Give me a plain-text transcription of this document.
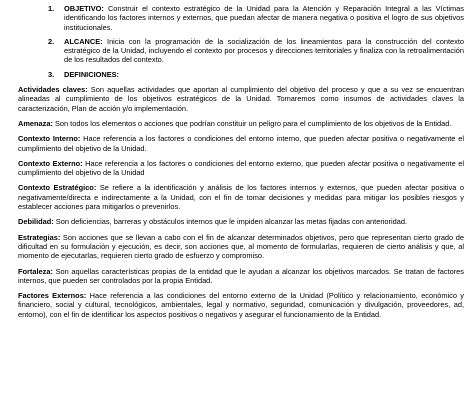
1. OBJETIVO: Construir el contexto estratégico de la Unidad para la Atención y Reparación Integral a las Víctimas identificando los factores internos y externos, que puedan afectar de manera negativa o positiva el logro de sus objetivos institucionales.
2. ALCANCE: Inicia con la programación de la socialización de los lineamientos para la construcción del contexto estratégico de la Unidad, incluyendo el contexto por procesos y direcciones territoriales y finaliza con la retroalimentación de los resultados del contexto.
3. DEFINICIONES:
Actividades claves: Son aquellas actividades que aportan al cumplimiento del objetivo del proceso y que a su vez se encuentran alineadas al cumplimiento de los objetivos estratégicos de la Unidad. Tomaremos como insumos de actividades claves la caracterización, Plan de acción y/o implementación.
Amenaza: Son todos los elementos o acciones que podrían constituir un peligro para el cumplimiento de los objetivos de la Entidad.
Contexto Interno: Hace referencia a los factores o condiciones del entorno interno, que pueden afectar positiva o negativamente el cumplimiento del objetivo de la Unidad.
Contexto Externo: Hace referencia a los factores o condiciones del entorno externo, que pueden afectar positiva o negativamente el cumplimiento del objetivo de la Unidad
Contexto Estratégico: Se refiere a la identificación y análisis de los factores internos y externos, que pueden afectar positiva o negativamente/directa e indirectamente a la Unidad, con el fin de tomar decisiones y medidas para mitigar los posibles riesgos y establecer acciones para mitigarlos o prevenirlos.
Debilidad: Son deficiencias, barreras y obstáculos internos que le impiden alcanzar las metas fijadas con anterioridad.
Estrategias: Son acciones que se llevan a cabo con el fin de alcanzar determinados objetivos, pero que representan cierto grado de dificultad en su formulación y ejecución, es decir, son acciones que, al momento de formularlas, requieren de cierto análisis y que, al momento de ejecutarlas, requieren cierto grado de esfuerzo y compromiso.
Fortaleza: Son aquellas características propias de la entidad que le ayudan a alcanzar los objetivos marcados. Se tratan de factores internos, que pueden ser controlados por la propia Entidad.
Factores Externos: Hace referencia a las condiciones del entorno externo de la Unidad (Político y relacionamiento, económico y financiero, social y cultural, tecnológicos, ambientales, legal y normativo, seguridad, comunicación y divulgación, proveedores, ad, entorno), con el fin de identificar los aspectos positivos o negativos y asegurar el funcionamiento de la Entidad.
